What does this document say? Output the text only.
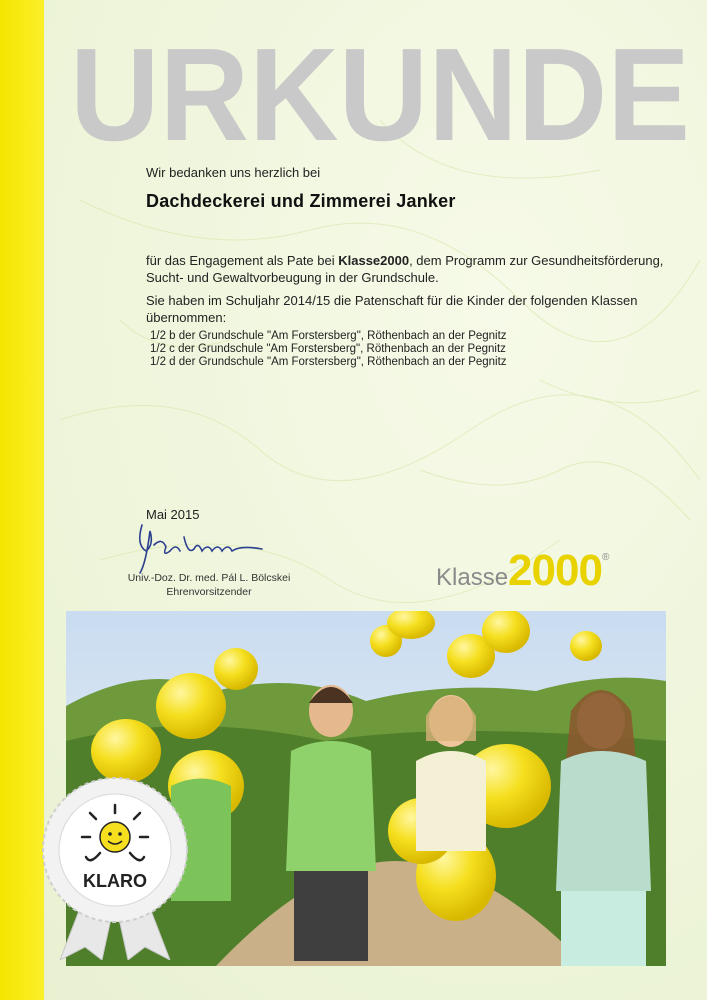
URKUNDE
Wir bedanken uns herzlich bei
Dachdeckerei und Zimmerei Janker
für das Engagement als Pate bei Klasse2000, dem Programm zur Gesundheitsförderung, Sucht- und Gewaltvorbeugung in der Grundschule.
Sie haben im Schuljahr 2014/15 die Patenschaft für die Kinder der folgenden Klassen übernommen:
1/2 b der Grundschule "Am Forstersberg", Röthenbach an der Pegnitz
1/2 c der Grundschule "Am Forstersberg", Röthenbach an der Pegnitz
1/2 d der Grundschule "Am Forstersberg", Röthenbach an der Pegnitz
Mai 2015
Univ.-Doz. Dr. med. Pál L. Bölcskei
Ehrenvorsitzender
Klasse2000®
KLARO
